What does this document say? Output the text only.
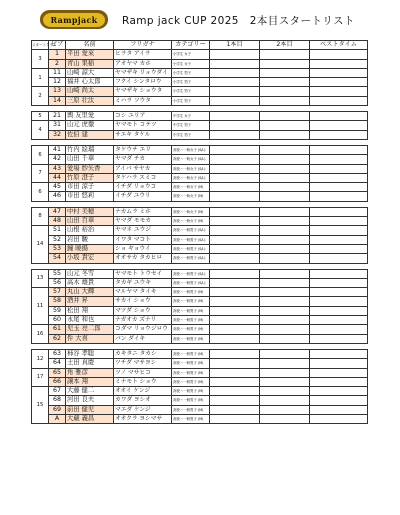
Rampjack	Ramp jack CUP 2025　2本目スタートリスト
スタートクラス	ビブ	名前	フリガナ	カテゴリー	1本目	2本目	ベストタイム
3	1	平田 愛來	ヒラタ アイラ	小学生 女子			
	2	青山 果稲	アオヤマ カホ	小学生 女子			
1	11	山崎 諒大	ヤマザキ リョウダイ	小学生 男子			
	12	福井 心太郎	フクイ シンタロウ	小学生 男子			
2	13	山崎 尚太	ヤマザキ ショウタ	小学生 男子			
	14	三原 壮汰	ミハラ ソウタ	小学生 男子			

5	21	輿 友里愛	コシ ユリア	中学生 女子			
4	31	山元 虎徹	ヤマモト コテツ	中学生 男子			
	32	佐伯 建	サエキ タケル	中学生 男子			

6	41	竹内 絵瑠	タケウチ エリ	高校～一般女子 (S/L)			
	42	山田 千華	ヤマダ チカ	高校～一般女子 (S/L)			
7	43	愛場 紗矢香	アイバ サヤカ	高校～一般女子 (S/L)			
	44	竹原 澄子	タケハラ スミコ	高校～一般女子 (S/L)			
6	45	市田 涼子	イチダ リョウコ	高校～一般女子 (M)			
	46	市田 悠莉	イチダ ユウリ	高校～一般女子 (M)			

8	47	中村 美穂	ナカムラ ミホ	高校～一般女子 (M)			
	48	山田 百華	ヤマダ モモカ	高校～一般女子 (M)			
14	51	山根 裕治	ヤマネ ユウジ	高校～一般男子 (S/L)			
	52	岩田 駿	イワタ マコト	高校～一般男子 (S/L)			
	53	鐘 暁揚	ショ ギョウイ	高校～一般男子 (S/L)			
	54	小坂 貴宏	オオサカ タカヒロ	高校～一般男子 (S/L)			

13	55	山元 冬雪	ヤマモト トウセイ	高校～一般男子 (S/L)			
	56	高木 雄貴	タカギ ユウキ	高校～一般男子 (S/L)			
11	57	丸山 大輝	マルヤマ タイキ	高校～一般男子 (M)			
	58	酒井 昇	サカイ ショウ	高校～一般男子 (M)			
	59	松田 翔	マツダ ショウ	高校～一般男子 (M)			
	60	永尾 和也	ナガオカ ズナリ	高校～一般男子 (M)			
16	61	児玉 亮二郎	コダマ リョウジロウ	高校～一般男子 (M)			
	62	件 大喜	バン ダイキ	高校～一般男子 (M)			

12	63	柿谷 孝聡	カキタニ タカシ	高校～一般男子 (M)			
	64	土田 真慶	ツチダ マサヨシ	高校～一般男子 (M)			
17	65	角 雅彦	ツノ マサヒコ	高校～一般男子 (M)			
	66	譲本 翔	ミナモト ショウ	高校～一般男子 (M)			
15	67	大藤 健二	オオイ ケンジ	高校～一般男子 (M)			
	68	河田 良夫	カワダ ヨシオ	高校～一般男子 (M)			
	69	前田 健児	マエダ ケンジ	高校～一般男子 (M)			
	A	大蔵 義昌	オオクラ ヨシマサ	高校～一般男子 (M)			
